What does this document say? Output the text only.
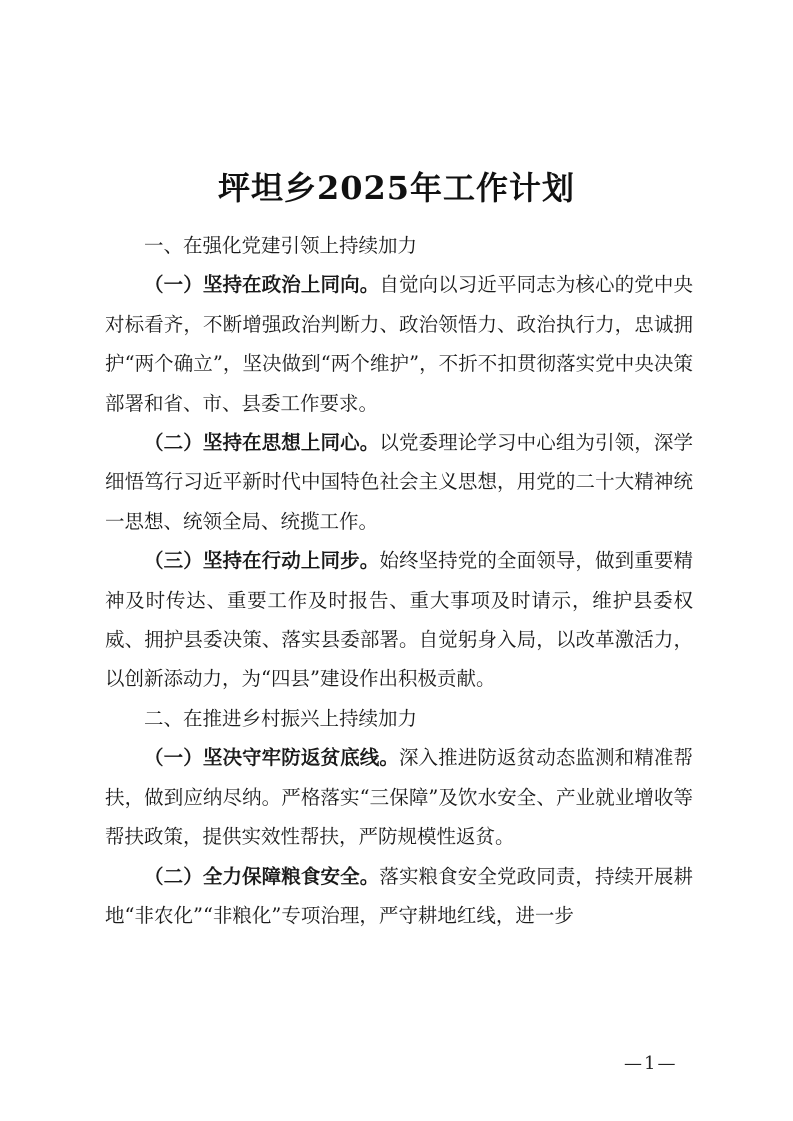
坪坦乡2025年工作计划

一、在强化党建引领上持续加力

（一）坚持在政治上同向。自觉向以习近平同志为核心的党中央对标看齐，不断增强政治判断力、政治领悟力、政治执行力，忠诚拥护“两个确立”，坚决做到“两个维护”，不折不扣贯彻落实党中央决策部署和省、市、县委工作要求。

（二）坚持在思想上同心。以党委理论学习中心组为引领，深学细悟笃行习近平新时代中国特色社会主义思想，用党的二十大精神统一思想、统领全局、统揽工作。

（三）坚持在行动上同步。始终坚持党的全面领导，做到重要精神及时传达、重要工作及时报告、重大事项及时请示，维护县委权威、拥护县委决策、落实县委部署。自觉躬身入局，以改革激活力，以创新添动力，为“四县”建设作出积极贡献。

二、在推进乡村振兴上持续加力

（一）坚决守牢防返贫底线。深入推进防返贫动态监测和精准帮扶，做到应纳尽纳。严格落实“三保障”及饮水安全、产业就业增收等帮扶政策，提供实效性帮扶，严防规模性返贫。

（二）全力保障粮食安全。落实粮食安全党政同责，持续开展耕地“非农化”“非粮化”专项治理，严守耕地红线，进一步

—1—
